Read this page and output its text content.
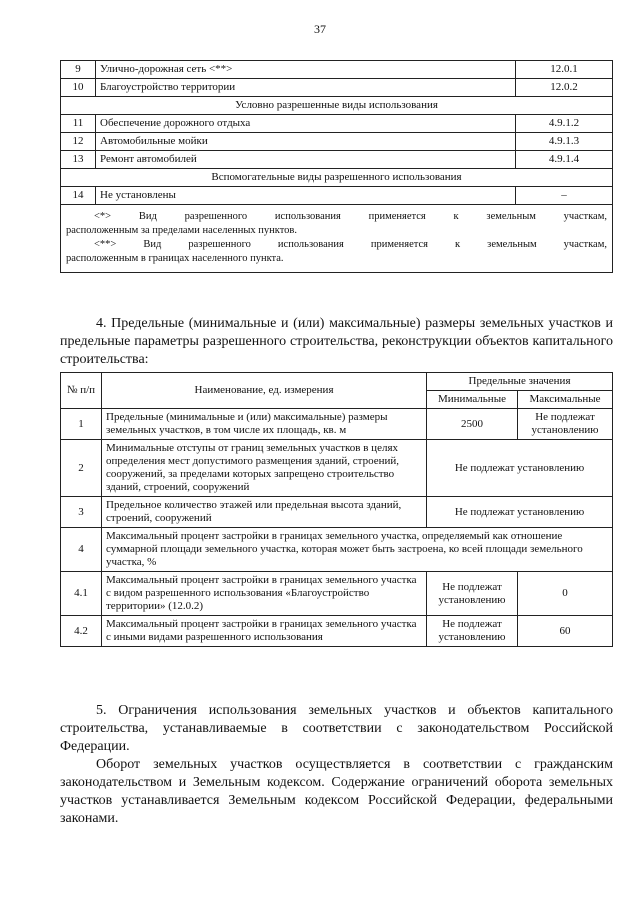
37
9	Улично-дорожная сеть <**>	12.0.1
10	Благоустройство территории	12.0.2
Условно разрешенные виды использования		
11	Обеспечение дорожного отдыха	4.9.1.2
12	Автомобильные мойки	4.9.1.3
13	Ремонт автомобилей	4.9.1.4
Вспомогательные виды разрешенного использования		
14	Не установлены	–

<*> Вид разрешенного использования применяется к земельным участкам,
расположенным за пределами населенных пунктов.
<**> Вид разрешенного использования применяется к земельным участкам,
расположенным в границах населенного пункта.		

4. Предельные (минимальные и (или) максимальные) размеры земельных участков и предельные параметры разрешенного строительства, реконструкции объектов капитального строительства:

№ п/п	Наименование, ед. измерения	Предельные значения	
		Минимальные	Максимальные
1	Предельные (минимальные и (или) максимальные) размеры земельных участков, в том числе их площадь, кв. м	2500	Не подлежат установлению
2	Минимальные отступы от границ земельных участков в целях определения мест допустимого размещения зданий, строений, сооружений, за пределами которых запрещено строительство зданий, строений, сооружений	Не подлежат установлению	
3	Предельное количество этажей или предельная высота зданий, строений, сооружений	Не подлежат установлению	
4	Максимальный процент застройки в границах земельного участка, определяемый как отношение суммарной площади земельного участка, которая может быть застроена, ко всей площади земельного участка, %		
4.1	Максимальный процент застройки в границах земельного участка с видом разрешенного использования «Благоустройство территории» (12.0.2)	Не подлежат установлению	0
4.2	Максимальный процент застройки в границах земельного участка с иными видами разрешенного использования	Не подлежат установлению	60

5. Ограничения использования земельных участков и объектов капитального строительства, устанавливаемые в соответствии с законодательством Российской Федерации.

Оборот земельных участков осуществляется в соответствии с гражданским законодательством и Земельным кодексом. Содержание ограничений оборота земельных участков устанавливается Земельным кодексом Российской Федерации, федеральными законами.
